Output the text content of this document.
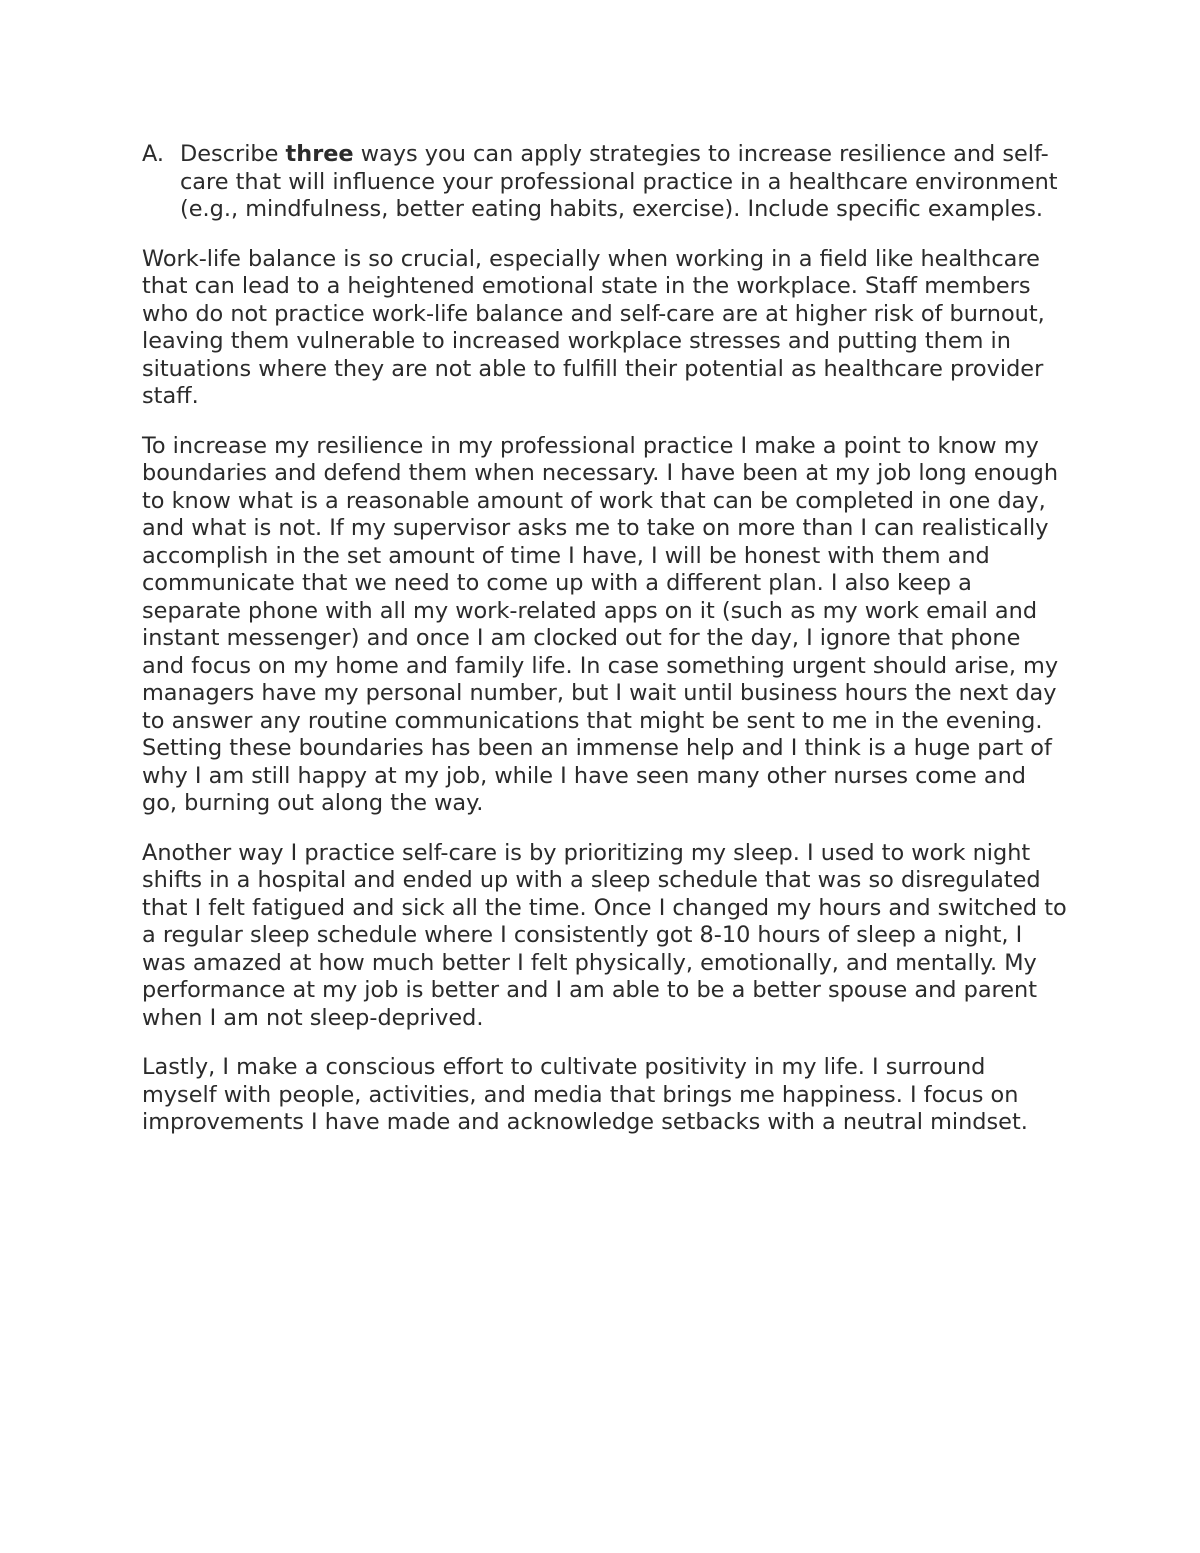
A. Describe three ways you can apply strategies to increase resilience and self-care that will influence your professional practice in a healthcare environment (e.g., mindfulness, better eating habits, exercise). Include specific examples.

Work-life balance is so crucial, especially when working in a field like healthcare that can lead to a heightened emotional state in the workplace. Staff members who do not practice work-life balance and self-care are at higher risk of burnout, leaving them vulnerable to increased workplace stresses and putting them in situations where they are not able to fulfill their potential as healthcare provider staff.

To increase my resilience in my professional practice I make a point to know my boundaries and defend them when necessary. I have been at my job long enough to know what is a reasonable amount of work that can be completed in one day, and what is not. If my supervisor asks me to take on more than I can realistically accomplish in the set amount of time I have, I will be honest with them and communicate that we need to come up with a different plan. I also keep a separate phone with all my work-related apps on it (such as my work email and instant messenger) and once I am clocked out for the day, I ignore that phone and focus on my home and family life. In case something urgent should arise, my managers have my personal number, but I wait until business hours the next day to answer any routine communications that might be sent to me in the evening. Setting these boundaries has been an immense help and I think is a huge part of why I am still happy at my job, while I have seen many other nurses come and go, burning out along the way.

Another way I practice self-care is by prioritizing my sleep. I used to work night shifts in a hospital and ended up with a sleep schedule that was so disregulated that I felt fatigued and sick all the time. Once I changed my hours and switched to a regular sleep schedule where I consistently got 8-10 hours of sleep a night, I was amazed at how much better I felt physically, emotionally, and mentally. My performance at my job is better and I am able to be a better spouse and parent when I am not sleep-deprived.

Lastly, I make a conscious effort to cultivate positivity in my life. I surround myself with people, activities, and media that brings me happiness. I focus on improvements I have made and acknowledge setbacks with a neutral mindset.
